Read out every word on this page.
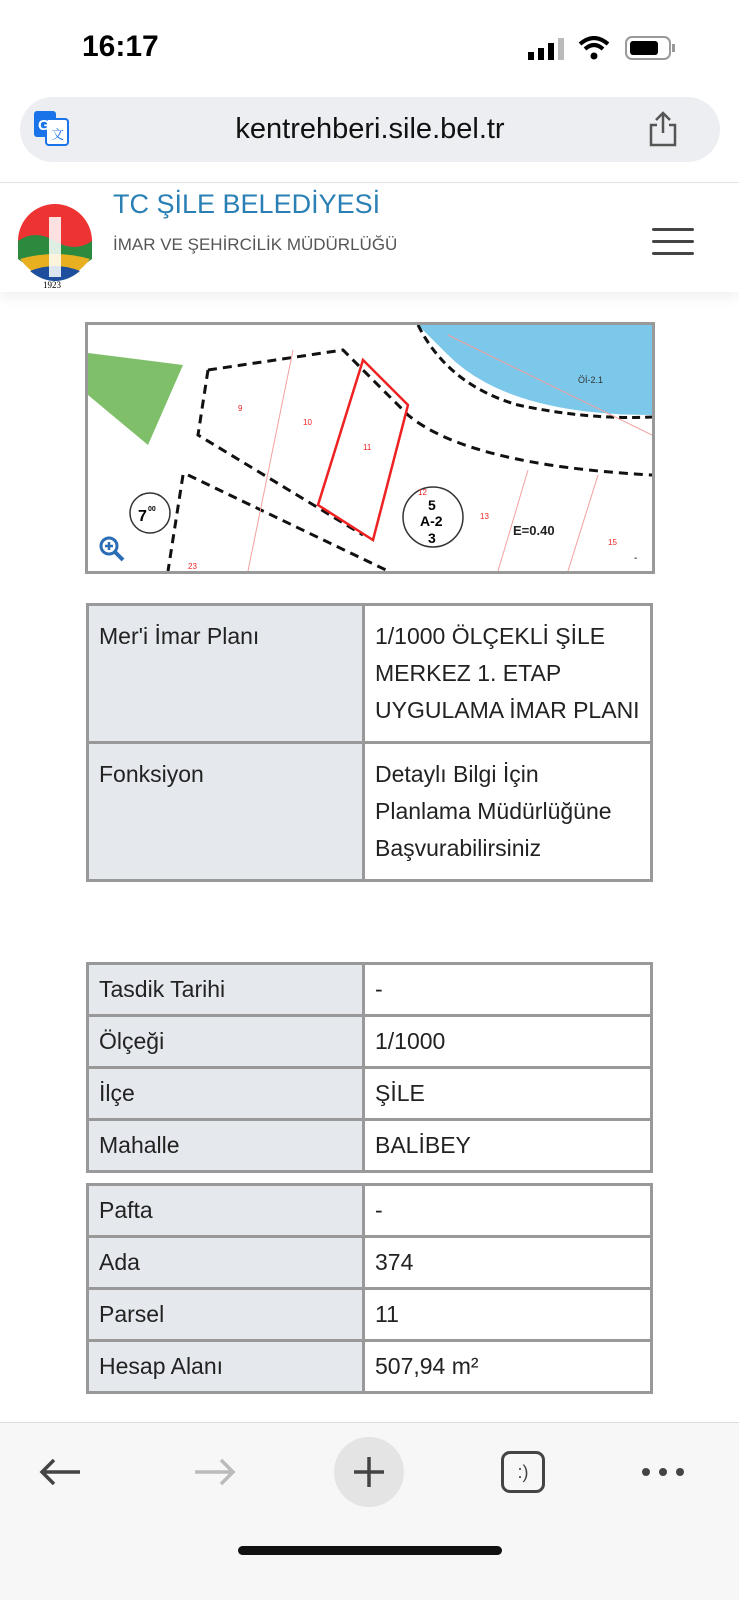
16:17
G
文	kentrehberi.sile.bel.tr
1923
TC ŞİLE BELEDİYESİ
İMAR VE ŞEHİRCİLİK MÜDÜRLÜĞÜ
9
10
11
12
13
15
23
Öİ-2.1
E=0.40
5
A-2
3
7 00
-
Mer'i İmar Planı	1/1000 ÖLÇEKLİ ŞİLE MERKEZ 1. ETAP UYGULAMA İMAR PLANI
Fonksiyon	Detaylı Bilgi İçin Planlama Müdürlüğüne Başvurabilirsiniz
Tasdik Tarihi	-
Ölçeği	1/1000
İlçe	ŞİLE
Mahalle	BALİBEY
Pafta	-
Ada	374
Parsel	11
Hesap Alanı	507,94 m²
:)
